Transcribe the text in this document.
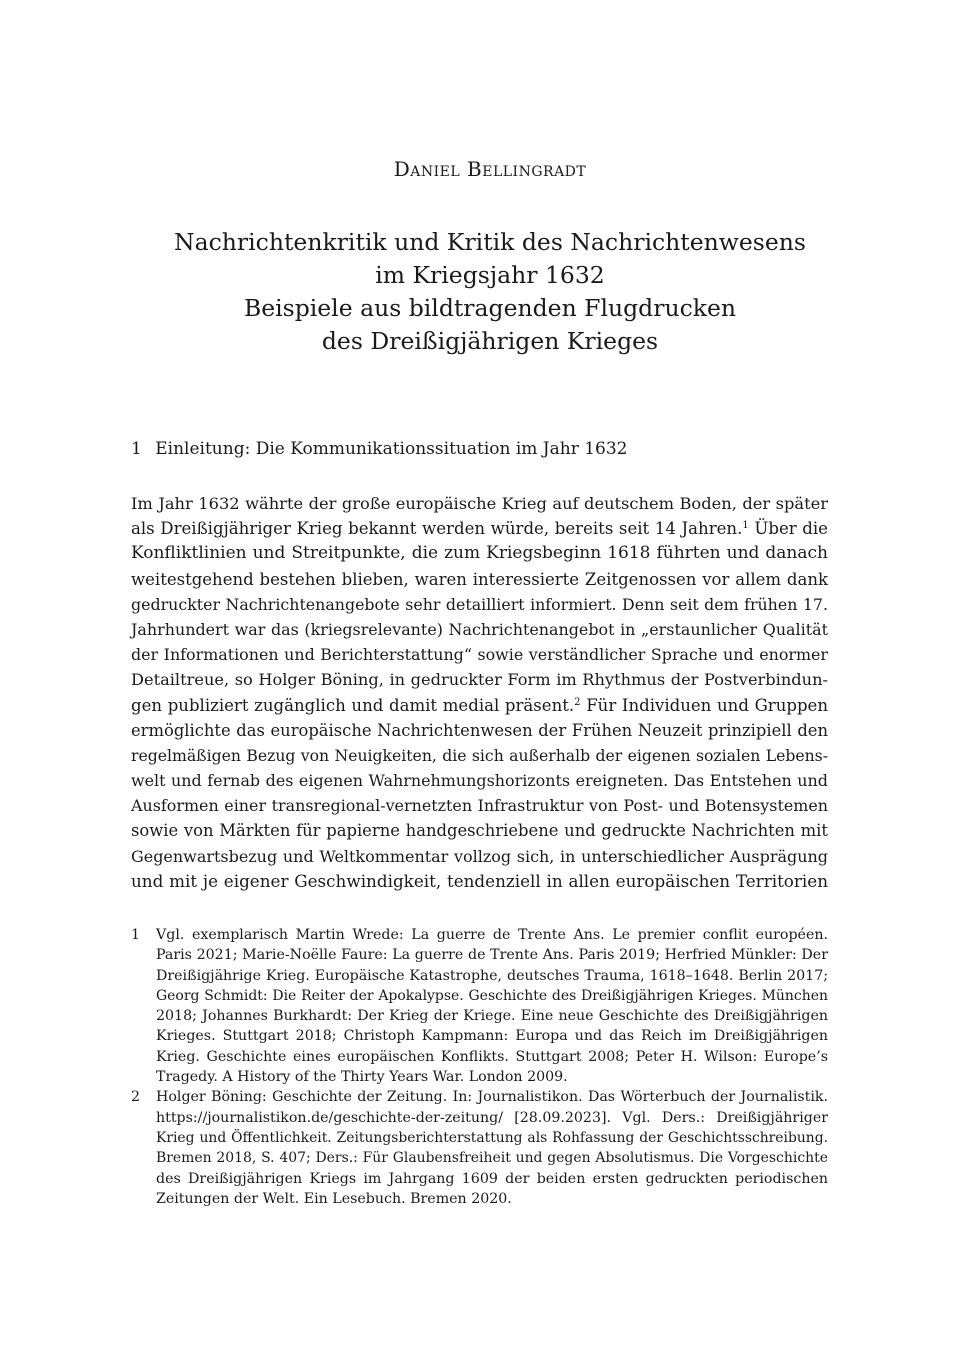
Daniel Bellingradt
Nachrichtenkritik und Kritik des Nachrichtenwesens
im Kriegsjahr 1632
Beispiele aus bildtragenden Flugdrucken
des Dreißigjährigen Krieges
1 Einleitung: Die Kommunikationssituation im Jahr 1632
Im Jahr 1632 währte der große europäische Krieg auf deutschem Boden, der später
als Dreißigjähriger Krieg bekannt werden würde, bereits seit 14 Jahren.$^1$ Über die
Konfliktlinien und Streitpunkte, die zum Kriegsbeginn 1618 führten und danach
weitestgehend bestehen blieben, waren interessierte Zeitgenossen vor allem dank
gedruckter Nachrichtenangebote sehr detailliert informiert. Denn seit dem frühen 17.
Jahrhundert war das (kriegsrelevante) Nachrichtenangebot in „erstaunlicher Qualität
der Informationen und Berichterstattung“ sowie verständlicher Sprache und enormer
Detailtreue, so Holger Böning, in gedruckter Form im Rhythmus der Postverbindun-
gen publiziert zugänglich und damit medial präsent.$^2$ Für Individuen und Gruppen
ermöglichte das europäische Nachrichtenwesen der Frühen Neuzeit prinzipiell den
regelmäßigen Bezug von Neuigkeiten, die sich außerhalb der eigenen sozialen Lebens-
welt und fernab des eigenen Wahrnehmungshorizonts ereigneten. Das Entstehen und
Ausformen einer transregional-vernetzten Infrastruktur von Post- und Botensystemen
sowie von Märkten für papierne handgeschriebene und gedruckte Nachrichten mit
Gegenwartsbezug und Weltkommentar vollzog sich, in unterschiedlicher Ausprägung
und mit je eigener Geschwindigkeit, tendenziell in allen europäischen Territorien
1 Vgl. exemplarisch Martin Wrede: La guerre de Trente Ans. Le premier conflit européen.
Paris 2021; Marie-Noëlle Faure: La guerre de Trente Ans. Paris 2019; Herfried Münkler: Der
Dreißigjährige Krieg. Europäische Katastrophe, deutsches Trauma, 1618–1648. Berlin 2017;
Georg Schmidt: Die Reiter der Apokalypse. Geschichte des Dreißigjährigen Krieges. München
2018; Johannes Burkhardt: Der Krieg der Kriege. Eine neue Geschichte des Dreißigjährigen
Krieges. Stuttgart 2018; Christoph Kampmann: Europa und das Reich im Dreißigjährigen
Krieg. Geschichte eines europäischen Konflikts. Stuttgart 2008; Peter H. Wilson: Europe’s
Tragedy. A History of the Thirty Years War. London 2009.
2 Holger Böning: Geschichte der Zeitung. In: Journalistikon. Das Wörterbuch der Journalistik.
https://journalistikon.de/geschichte-der-zeitung/ [28.09.2023]. Vgl. Ders.: Dreißigjähriger
Krieg und Öffentlichkeit. Zeitungsberichterstattung als Rohfassung der Geschichtsschreibung.
Bremen 2018, S. 407; Ders.: Für Glaubensfreiheit und gegen Absolutismus. Die Vorgeschichte
des Dreißigjährigen Kriegs im Jahrgang 1609 der beiden ersten gedruckten periodischen
Zeitungen der Welt. Ein Lesebuch. Bremen 2020.
